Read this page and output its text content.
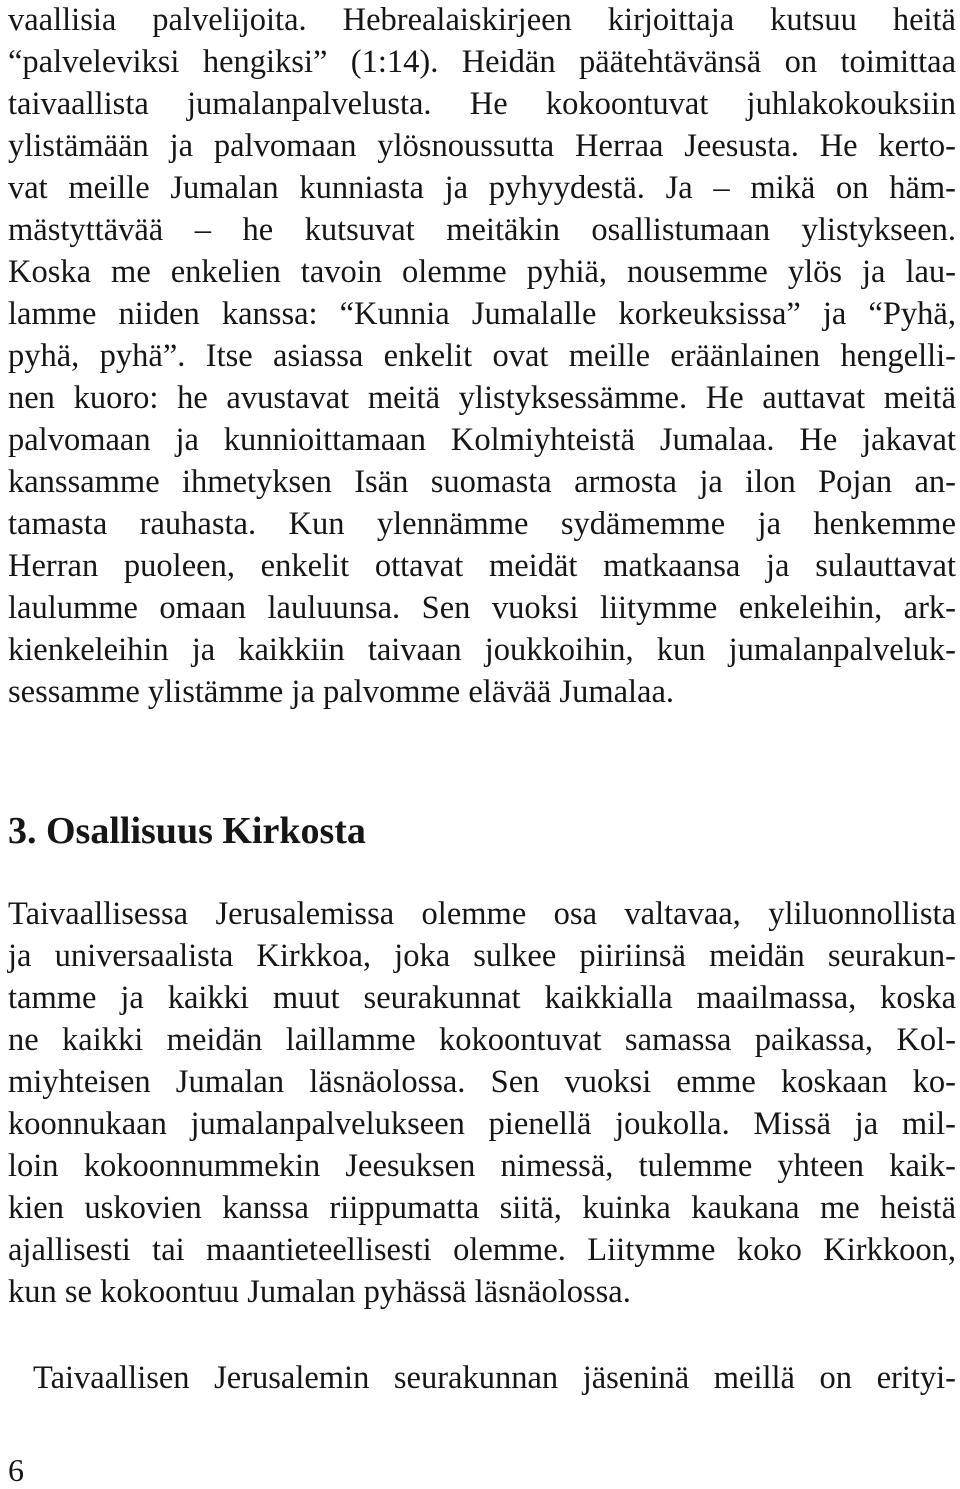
vaallisia palvelijoita. Hebrealaiskirjeen kirjoittaja kutsuu heitä
“palveleviksi hengiksi” (1:14). Heidän päätehtävänsä on toimittaa
taivaallista jumalanpalvelusta. He kokoontuvat juhlakokouksiin
ylistämään ja palvomaan ylösnoussutta Herraa Jeesusta. He kerto-
vat meille Jumalan kunniasta ja pyhyydestä. Ja – mikä on häm-
mästyttävää – he kutsuvat meitäkin osallistumaan ylistykseen.
Koska me enkelien tavoin olemme pyhiä, nousemme ylös ja lau-
lamme niiden kanssa: “Kunnia Jumalalle korkeuksissa” ja “Pyhä,
pyhä, pyhä”. Itse asiassa enkelit ovat meille eräänlainen hengelli-
nen kuoro: he avustavat meitä ylistyksessämme. He auttavat meitä
palvomaan ja kunnioittamaan Kolmiyhteistä Jumalaa. He jakavat
kanssamme ihmetyksen Isän suomasta armosta ja ilon Pojan an-
tamasta rauhasta. Kun ylennämme sydämemme ja henkemme
Herran puoleen, enkelit ottavat meidät matkaansa ja sulauttavat
laulumme omaan lauluunsa. Sen vuoksi liitymme enkeleihin, ark-
kienkeleihin ja kaikkiin taivaan joukkoihin, kun jumalanpalveluk-
sessamme ylistämme ja palvomme elävää Jumalaa.
3. Osallisuus Kirkosta
Taivaallisessa Jerusalemissa olemme osa valtavaa, yliluonnollista
ja universaalista Kirkkoa, joka sulkee piiriinsä meidän seurakun-
tamme ja kaikki muut seurakunnat kaikkialla maailmassa, koska
ne kaikki meidän laillamme kokoontuvat samassa paikassa, Kol-
miyhteisen Jumalan läsnäolossa. Sen vuoksi emme koskaan ko-
koonnukaan jumalanpalvelukseen pienellä joukolla. Missä ja mil-
loin kokoonnummekin Jeesuksen nimessä, tulemme yhteen kaik-
kien uskovien kanssa riippumatta siitä, kuinka kaukana me heistä
ajallisesti tai maantieteellisesti olemme. Liitymme koko Kirkkoon,
kun se kokoontuu Jumalan pyhässä läsnäolossa.
Taivaallisen Jerusalemin seurakunnan jäseninä meillä on erityi-
6
